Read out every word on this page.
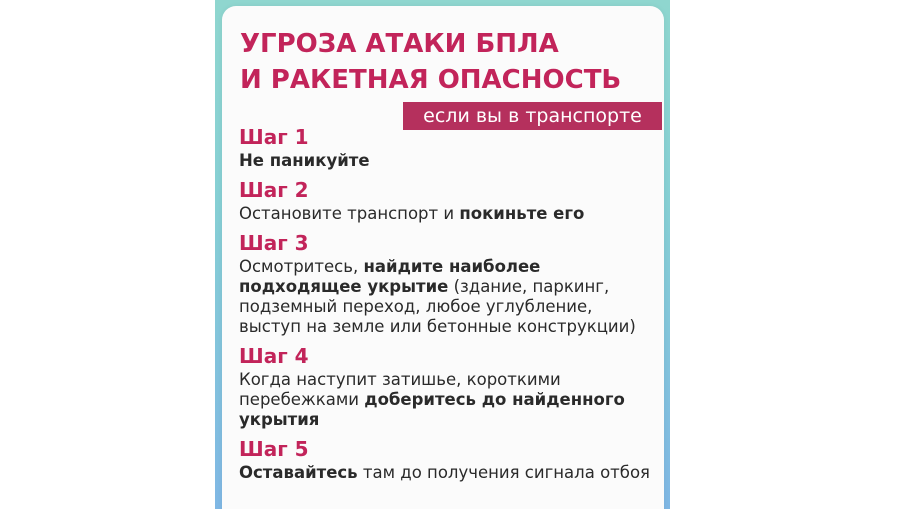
УГРОЗА АТАКИ БПЛА
И РАКЕТНАЯ ОПАСНОСТЬ
если вы в транспорте
Шаг 1
Не паникуйте
Шаг 2
Остановите транспорт и покиньте его
Шаг 3
Осмотритесь, найдите наиболее подходящее укрытие (здание, паркинг, подземный переход, любое углубление, выступ на земле или бетонные конструкции)
Шаг 4
Когда наступит затишье, короткими перебежками доберитесь до найденного укрытия
Шаг 5
Оставайтесь там до получения сигнала отбоя
